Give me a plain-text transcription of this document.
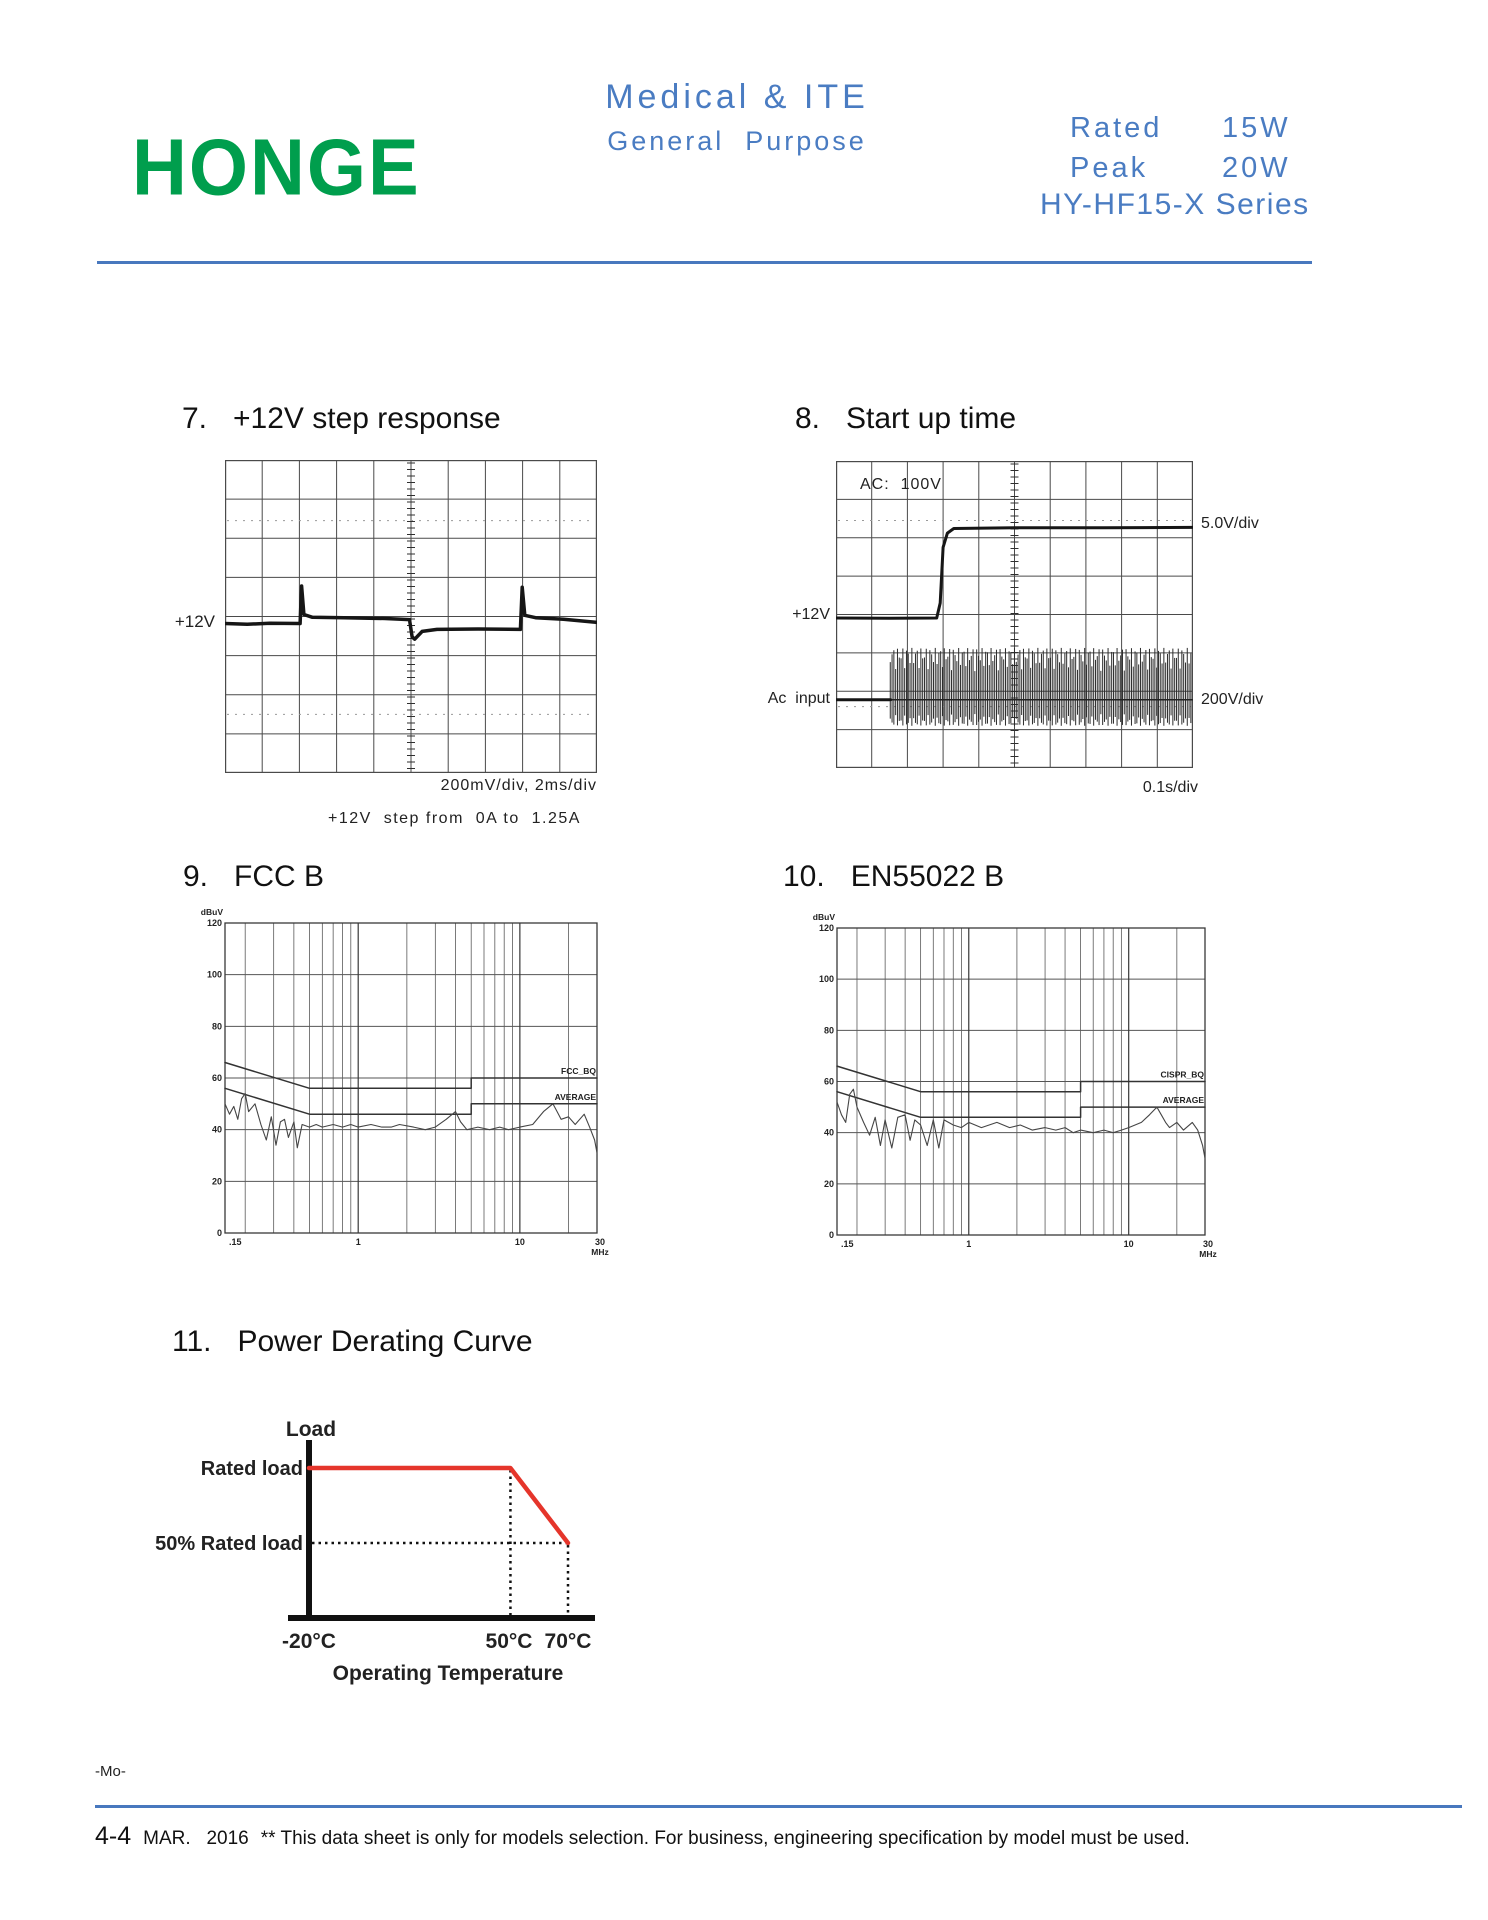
HONGE
Medical & ITE
General  Purpose	Rated	15W
Peak	20W
HY-HF15-X Series
7. +12V step response
+12V
200mV/div, 2ms/div
+12V  step from  0A to  1.25A
8. Start up time
AC:  100V
+12V
5.0V/div
Ac  input	200V/div
0.1s/div
9. FCC B
dBuV
120
100
80
60
40
20
0
.15	1	10	30
MHz
FCC_BQ
AVERAGE
10. EN55022 B
dBuV
120
100
80
60
40
20
0
.15	1	10	30
MHz
CISPR_BQ
AVERAGE
11. Power Derating Curve
Load
Rated load
50% Rated load
-20°C	50°C 70°C
Operating Temperature
-Mo-
4-4 MAR.   2016 ** This data sheet is only for models selection. For business, engineering specification by model must be used.
